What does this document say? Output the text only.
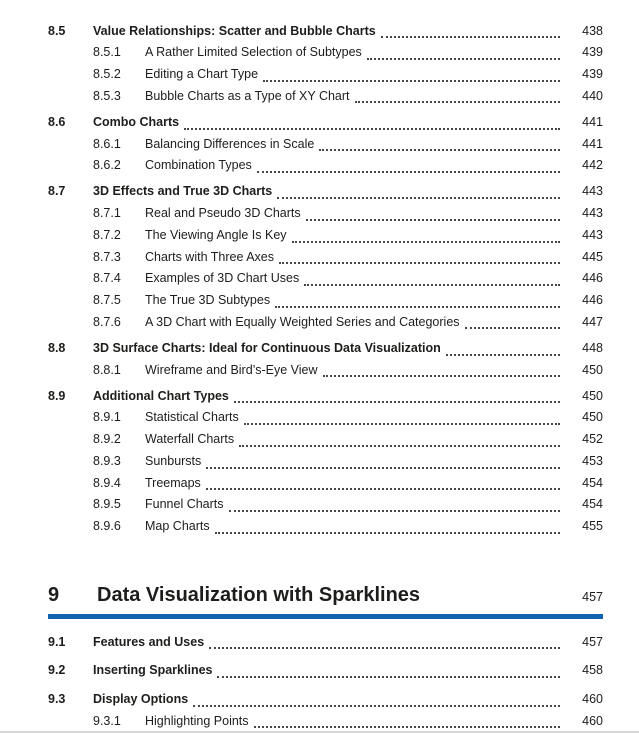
8.5	Value Relationships: Scatter and Bubble Charts	438
8.5.1	A Rather Limited Selection of Subtypes	439
8.5.2	Editing a Chart Type	439
8.5.3	Bubble Charts as a Type of XY Chart	440
8.6	Combo Charts	441
8.6.1	Balancing Differences in Scale	441
8.6.2	Combination Types	442
8.7	3D Effects and True 3D Charts	443
8.7.1	Real and Pseudo 3D Charts	443
8.7.2	The Viewing Angle Is Key	443
8.7.3	Charts with Three Axes	445
8.7.4	Examples of 3D Chart Uses	446
8.7.5	The True 3D Subtypes	446
8.7.6	A 3D Chart with Equally Weighted Series and Categories	447
8.8	3D Surface Charts: Ideal for Continuous Data Visualization	448
8.8.1	Wireframe and Bird’s-Eye View	450
8.9	Additional Chart Types	450
8.9.1	Statistical Charts	450
8.9.2	Waterfall Charts	452
8.9.3	Sunbursts	453
8.9.4	Treemaps	454
8.9.5	Funnel Charts	454
8.9.6	Map Charts	455
9	Data Visualization with Sparklines	457
9.1	Features and Uses	457
9.2	Inserting Sparklines	458
9.3	Display Options	460
9.3.1	Highlighting Points	460
